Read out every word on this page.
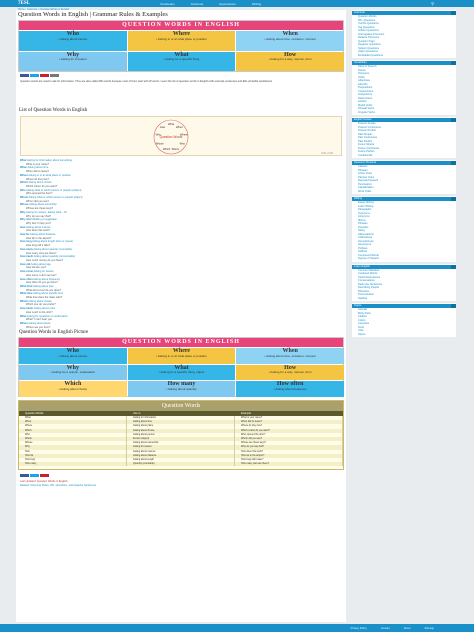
7ESL	Vocabulary	Grammar	Expressions	Writing	⚲
Question Words in English | Grammar Rules & Examples
QUESTION WORDS IN ENGLISH
Who
• Asking about person
Where
• Asking in or at what place or position
When
• Asking about time, occasion, moment
Why
• Asking for a reason
What
• Asking for a specific thing
How
• Asking for a way, manner, form
Question words are used to ask for information. They are also called WH words because most of them start with W and H. Learn the list of question words in English with example sentences and ESL printable worksheets.
List of Question Words in English
Question Words
What
When
Where
Who
Whom
Which
Whose
Why
How
7ESL.COM
What Asking for information about something
What is your name?
When Asking about time
When did he leave?
Where Asking in or at what place or position
Where do they live?
Which Asking about choice
Which colour do you want?
Who Asking what or which person or people (subject)
Who opened the door?
Whom Asking what or which person or people (object)
Whom did you see?
Whose Asking about ownership
Whose are these keys?
Why Asking for reason, asking what…for
Why do you say that?
Why don't Making a suggestion
Why don't I help you?
How Asking about manner
How does this work?
How far Asking about distance
How far is the airport?
How long Asking about length (time or space)
How long will it take?
How many Asking about quantity (countable)
How many cars are there?
How much Asking about quantity (uncountable)
How much money do you have?
How old Asking about age
How old are you?
How come Asking for reason
How come I can't see her?
How often Asking about frequency
How often do you go there?
What kind Asking about type
What kind of car do you drive?
What time Asking about specific time
What time does the class start?
Which Asking about choice
Which one do you prefer?
How much Asking about price
How much is this shirt?
What Asking for repetition or confirmation
What? I can't hear you.
Where Asking about place
Where are you from?
Question Words in English Picture
QUESTION WORDS IN ENGLISH
Who
• Asking about person
Where
• Asking in or at what place or position
When
• Asking about time, occasion, moment
Why
• Asking for a reason, explanation
What
• Asking for a specific thing, object
How
• Asking for a way, manner, form
Which
• Asking about choice
How many
• Asking about quantity
How often
• Asking about frequency
Question Words
Question Words	Use to	Example
What	Asking for information	What is your name?
When	Asking about time	When did he leave?
Where	Asking about place	Where do they live?
Which	Asking about choice	Which colour do you want?
Who	Asking about person	Who opened the door?
Whom	Person (object)	Whom did you see?
Whose	Asking about ownership	Whose are these keys?
Why	Asking for reason	Why do you say that?
How	Asking about manner	How does this work?
How far	Asking about distance	How far is the airport?
How long	Asking about length	How long will it take?
How many	Quantity (countable)	How many cars are there?
Last Updated: Question Words in English
Related: Grammar Rules, Wh- Questions, Interrogative Sentences
Grammar
Question Words
Wh- Questions
Yes/No Questions
Tag Questions
Indirect Questions
Interrogative Pronouns
Relative Pronouns
Question Tags
Negative Questions
Subject Questions
Object Questions
Embedded Questions
Vocabulary
Parts of Speech
Nouns
Pronouns
Verbs
Adjectives
Adverbs
Prepositions
Conjunctions
Interjections
Determiners
Articles
Modal Verbs
Phrasal Verbs
Irregular Verbs
English Tenses
Present Simple
Present Continuous
Present Perfect
Past Simple
Past Continuous
Past Perfect
Future Simple
Future Continuous
Future Perfect
Conditionals
Sentence Structure
Clauses
Phrases
Active Voice
Passive Voice
Reported Speech
Punctuation
Capitalization
Word Order
Writing
Essay Writing
Letter Writing
Paragraphs
Synonyms
Antonyms
Idioms
Phrases
Proverbs
Slang
Abbreviations
Collocations
Homophones
Homonyms
Prefixes
Suffixes
Compound Words
Figures of Speech
Learn English
Common Mistakes
Confused Words
Useful Expressions
Conversations
Daily Use Sentences
Describing People
Phonetics
Pronunciation
Spelling
Topics
Animals
Body Parts
Clothes
Colors
Countries
Food
Jobs
Sports
Privacy Policy	Contact	About	Sitemap
